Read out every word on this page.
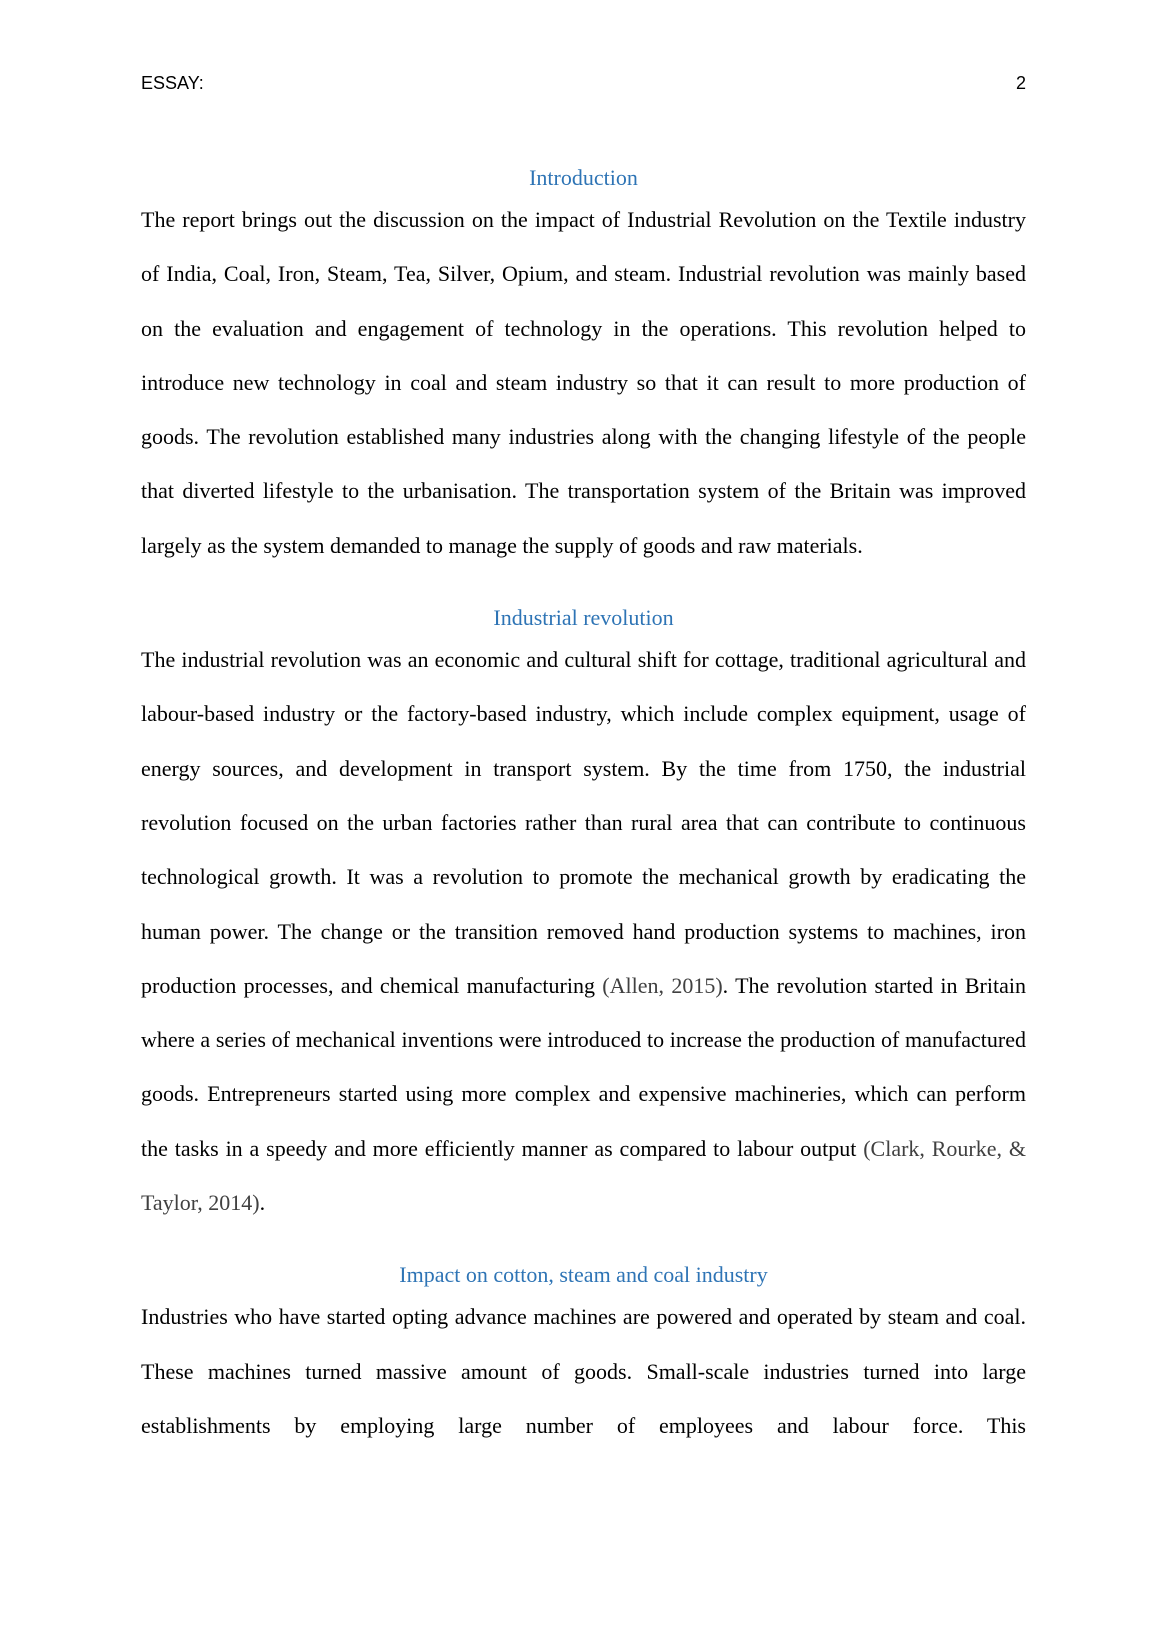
ESSAY:	2
Introduction

The report brings out the discussion on the impact of Industrial Revolution on the Textile industry of India, Coal, Iron, Steam, Tea, Silver, Opium, and steam. Industrial revolution was mainly based on the evaluation and engagement of technology in the operations. This revolution helped to introduce new technology in coal and steam industry so that it can result to more production of goods. The revolution established many industries along with the changing lifestyle of the people that diverted lifestyle to the urbanisation. The transportation system of the Britain was improved largely as the system demanded to manage the supply of goods and raw materials.

Industrial revolution

The industrial revolution was an economic and cultural shift for cottage, traditional agricultural and labour-based industry or the factory-based industry, which include complex equipment, usage of energy sources, and development in transport system. By the time from 1750, the industrial revolution focused on the urban factories rather than rural area that can contribute to continuous technological growth. It was a revolution to promote the mechanical growth by eradicating the human power. The change or the transition removed hand production systems to machines, iron production processes, and chemical manufacturing (Allen, 2015). The revolution started in Britain where a series of mechanical inventions were introduced to increase the production of manufactured goods. Entrepreneurs started using more complex and expensive machineries, which can perform the tasks in a speedy and more efficiently manner as compared to labour output (Clark, Rourke, & Taylor, 2014).

Impact on cotton, steam and coal industry

Industries who have started opting advance machines are powered and operated by steam and coal. These machines turned massive amount of goods. Small-scale industries turned into large establishments by employing large number of employees and labour force. This
